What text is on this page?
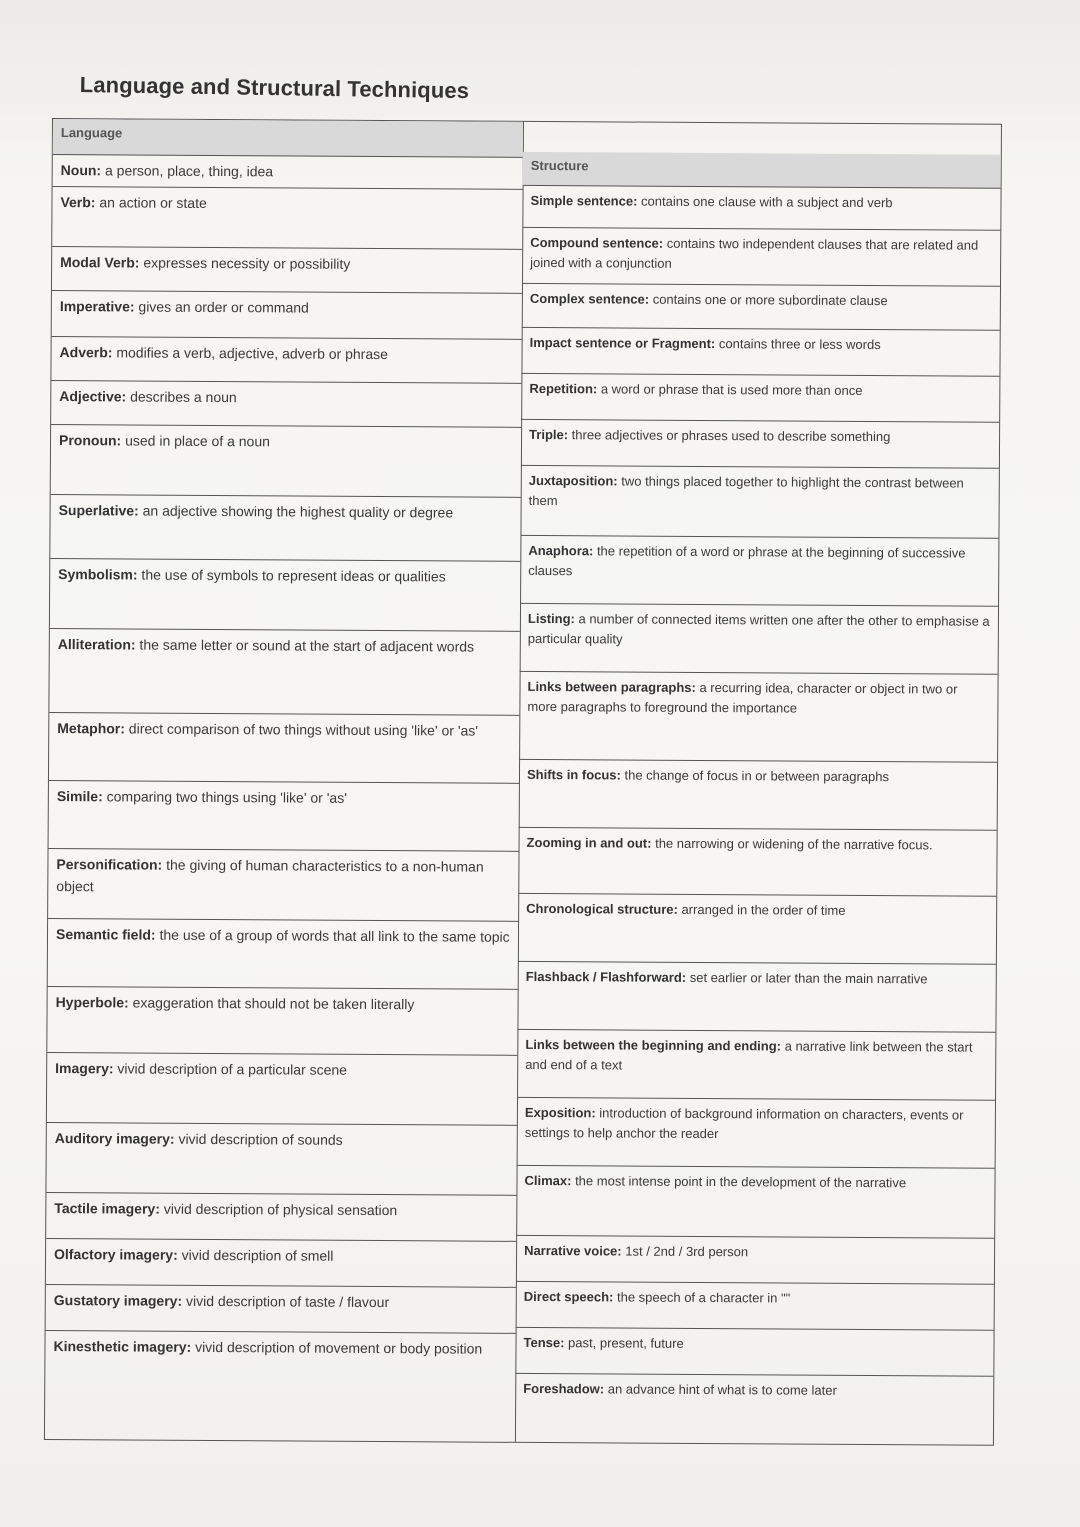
Language and Structural Techniques
Language
Noun: a person, place, thing, idea
Verb: an action or state
Modal Verb: expresses necessity or possibility
Imperative: gives an order or command
Adverb: modifies a verb, adjective, adverb or phrase
Adjective: describes a noun
Pronoun: used in place of a noun
Superlative: an adjective showing the highest quality or degree
Symbolism: the use of symbols to represent ideas or qualities
Alliteration: the same letter or sound at the start of adjacent words
Metaphor: direct comparison of two things without using 'like' or 'as'
Simile: comparing two things using 'like' or 'as'
Personification: the giving of human characteristics to a non-human object
Semantic field: the use of a group of words that all link to the same topic
Hyperbole: exaggeration that should not be taken literally
Imagery: vivid description of a particular scene
Auditory imagery: vivid description of sounds
Tactile imagery: vivid description of physical sensation
Olfactory imagery: vivid description of smell
Gustatory imagery: vivid description of taste / flavour
Kinesthetic imagery: vivid description of movement or body position
Structure
Simple sentence: contains one clause with a subject and verb
Compound sentence: contains two independent clauses that are related and joined with a conjunction
Complex sentence: contains one or more subordinate clause
Impact sentence or Fragment: contains three or less words
Repetition: a word or phrase that is used more than once
Triple: three adjectives or phrases used to describe something
Juxtaposition: two things placed together to highlight the contrast between them
Anaphora: the repetition of a word or phrase at the beginning of successive clauses
Listing: a number of connected items written one after the other to emphasise a particular quality
Links between paragraphs: a recurring idea, character or object in two or more paragraphs to foreground the importance
Shifts in focus: the change of focus in or between paragraphs
Zooming in and out: the narrowing or widening of the narrative focus.
Chronological structure: arranged in the order of time
Flashback / Flashforward: set earlier or later than the main narrative
Links between the beginning and ending: a narrative link between the start and end of a text
Exposition: introduction of background information on characters, events or settings to help anchor the reader
Climax: the most intense point in the development of the narrative
Narrative voice: 1st / 2nd / 3rd person
Direct speech: the speech of a character in ""
Tense: past, present, future
Foreshadow: an advance hint of what is to come later
